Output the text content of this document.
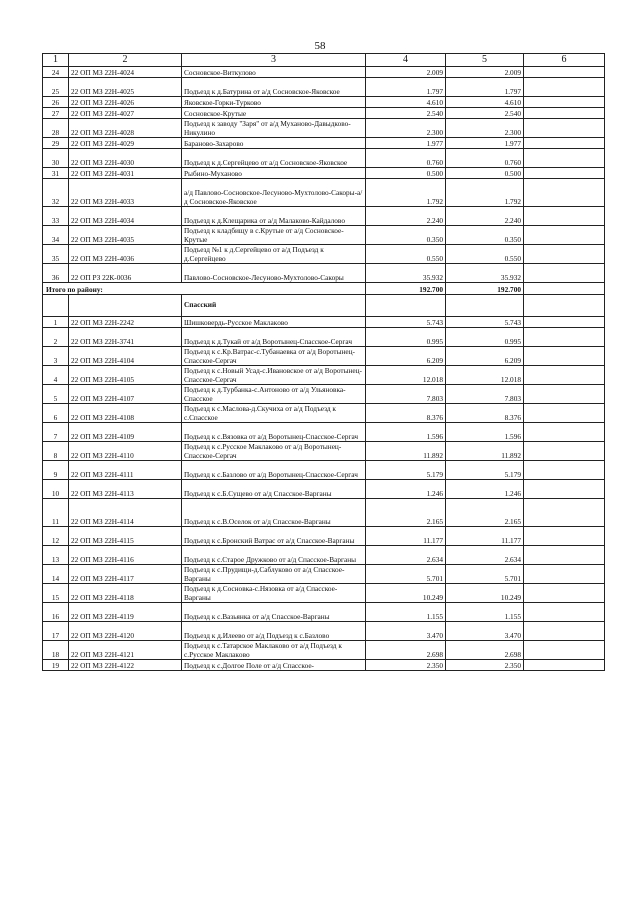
58
1	2	3	4	5	6
24	22 ОП МЗ 22Н-4024	Сосновское-Виткулово	2.009	2.009	
25	22 ОП МЗ 22Н-4025	Подъезд к д.Батурина от а/д Сосновское-Яковское	1.797	1.797	
26	22 ОП МЗ 22Н-4026	Яковское-Горки-Турково	4.610	4.610	
27	22 ОП МЗ 22Н-4027	Сосновское-Крутые	2.540	2.540	
28	22 ОП МЗ 22Н-4028	Подъезд к заводу "Заря" от а/д Муханово-Давыдково-Никулино	2.300	2.300	
29	22 ОП МЗ 22Н-4029	Бараново-Захарово	1.977	1.977	
30	22 ОП МЗ 22Н-4030	Подъезд к д.Сергейцево от а/д Сосновское-Яковское	0.760	0.760	
31	22 ОП МЗ 22Н-4031	Рыбино-Муханово	0.500	0.500	
32	22 ОП МЗ 22Н-4033	а/д Павлово-Сосновское-Лесуново-Мухтолово-Сакоры-а/д Сосновское-Яковское	1.792	1.792	
33	22 ОП МЗ 22Н-4034	Подъезд к д.Клещарика от а/д Малаково-Кайдалово	2.240	2.240	
34	22 ОП МЗ 22Н-4035	Подъезд к кладбищу в с.Крутые от а/д Сосновское-Крутые	0.350	0.350	
35	22 ОП МЗ 22Н-4036	Подъезд №1 к д.Сергейцево от а/д Подъезд к д.Сергейцево	0.550	0.550	
36	22 ОП РЗ 22К-0036	Павлово-Сосновское-Лесуново-Мухтолово-Сакоры	35.932	35.932	
Итого по району:			192.700	192.700	
		Спасский			
1	22 ОП МЗ 22Н-2242	Шишковердь-Русское Маклакoво	5.743	5.743	
2	22 ОП МЗ 22Н-3741	Подъезд к д.Тукай от а/д Воротынец-Спасское-Сергач	0.995	0.995	
3	22 ОП МЗ 22Н-4104	Подъезд к с.Кр.Ватрас-с.Тубанаевка от а/д Воротынец-Спасское-Сергач	6.209	6.209	
4	22 ОП МЗ 22Н-4105	Подъезд к с.Новый Усад-с.Ивановское от а/д Воротынец-Спасское-Сергач	12.018	12.018	
5	22 ОП МЗ 22Н-4107	Подъезд к д.Турбанка-с.Антоново от а/д Ульяновка-Спасское	7.803	7.803	
6	22 ОП МЗ 22Н-4108	Подъезд к с.Маслова-д.Скучиха от а/д Подъезд к с.Спасское	8.376	8.376	
7	22 ОП МЗ 22Н-4109	Подъезд к с.Вязовка от а/д Воротынец-Спасское-Сергач	1.596	1.596	
8	22 ОП МЗ 22Н-4110	Подъезд к с.Русское Маклакoво от а/д Воротынец-Спасское-Сергач	11.892	11.892	
9	22 ОП МЗ 22Н-4111	Подъезд к с.Базлово от а/д Воротынец-Спасское-Сергач	5.179	5.179	
10	22 ОП МЗ 22Н-4113	Подъезд к с.Б.Сущево от а/д Спасское-Варганы	1.246	1.246	
11	22 ОП МЗ 22Н-4114	Подъезд к с.В.Оселок от а/д Спасское-Варганы	2.165	2.165	
12	22 ОП МЗ 22Н-4115	Подъезд к с.Бронский Ватрас от а/д Спасское-Варганы	11.177	11.177	
13	22 ОП МЗ 22Н-4116	Подъезд к с.Старое Дружково от а/д Спасское-Варганы	2.634	2.634	
14	22 ОП МЗ 22Н-4117	Подъезд к с.Прудищи-д.Саблуково от а/д Спасское-Варганы	5.701	5.701	
15	22 ОП МЗ 22Н-4118	Подъезд к д.Сосновка-с.Нязовка от а/д Спасское-Варганы	10.249	10.249	
16	22 ОП МЗ 22Н-4119	Подъезд к с.Вазьянка от а/д Спасское-Варганы	1.155	1.155	
17	22 ОП МЗ 22Н-4120	Подъезд к д.Илеево от а/д Подъезд к с.Базлово	3.470	3.470	
18	22 ОП МЗ 22Н-4121	Подъезд к с.Татарское Маклакoво от а/д Подъезд к с.Русское Маклакoво	2.698	2.698	
19	22 ОП МЗ 22Н-4122	Подъезд к с.Долгое Поле от а/д Спасское-	2.350	2.350	
